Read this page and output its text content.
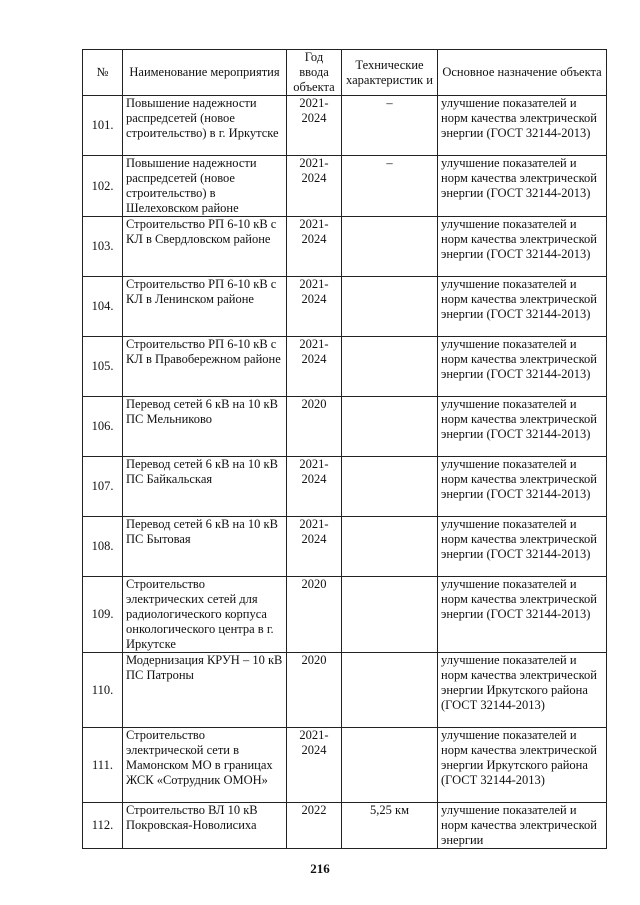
№	Наименование мероприятия	Год ввода объекта	Технические характеристик и	Основное назначение объекта
101.	Повышение надежности распредсетей (новое строительство) в г. Иркутске	2021-2024	–	улучшение показателей и норм качества электрической энергии (ГОСТ 32144-2013)
102.	Повышение надежности распредсетей (новое строительство) в Шелеховском районе	2021-2024	–	улучшение показателей и норм качества электрической энергии (ГОСТ 32144-2013)
103.	Строительство РП 6-10 кВ с КЛ в Свердловском районе	2021-2024		улучшение показателей и норм качества электрической энергии (ГОСТ 32144-2013)
104.	Строительство РП 6-10 кВ с КЛ в Ленинском районе	2021-2024		улучшение показателей и норм качества электрической энергии (ГОСТ 32144-2013)
105.	Строительство РП 6-10 кВ с КЛ в Правобережном районе	2021-2024		улучшение показателей и норм качества электрической энергии (ГОСТ 32144-2013)
106.	Перевод сетей 6 кВ на 10 кВ ПС Мельниково	2020		улучшение показателей и норм качества электрической энергии (ГОСТ 32144-2013)
107.	Перевод сетей 6 кВ на 10 кВ ПС Байкальская	2021-2024		улучшение показателей и норм качества электрической энергии (ГОСТ 32144-2013)
108.	Перевод сетей 6 кВ на 10 кВ ПС Бытовая	2021-2024		улучшение показателей и норм качества электрической энергии (ГОСТ 32144-2013)
109.	Строительство электрических сетей для радиологического корпуса онкологического центра в г. Иркутске	2020		улучшение показателей и норм качества электрической энергии (ГОСТ 32144-2013)
110.	Модернизация КРУН – 10 кВ ПС Патроны	2020		улучшение показателей и норм качества электрической энергии Иркутского района (ГОСТ 32144-2013)
111.	Строительство электрической сети в Мамонском МО в границах ЖСК «Сотрудник ОМОН»	2021-2024		улучшение показателей и норм качества электрической энергии Иркутского района (ГОСТ 32144-2013)
112.	Строительство ВЛ 10 кВ Покровская-Новолисиха	2022	5,25 км	улучшение показателей и норм качества электрической энергии
216
